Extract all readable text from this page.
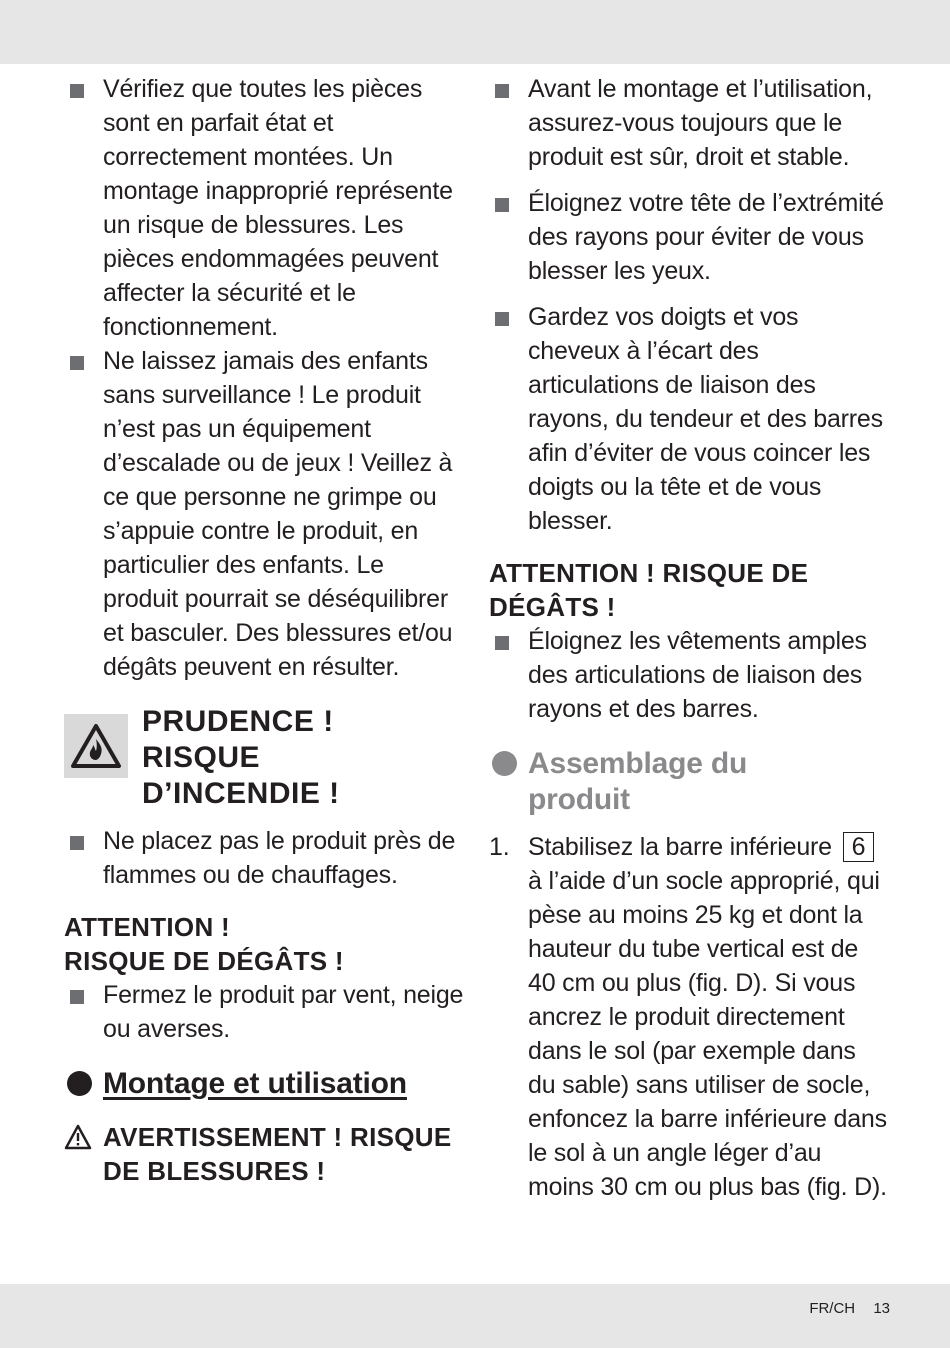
Vérifiez que toutes les pièces sont en parfait état et correctement montées. Un montage inapproprié représente un risque de blessures. Les pièces endommagées peuvent affecter la sécurité et le fonctionnement.
Ne laissez jamais des enfants sans surveillance ! Le produit n’est pas un équipement d’escalade ou de jeux ! Veillez à ce que personne ne grimpe ou s’appuie contre le produit, en particulier des enfants. Le produit pourrait se déséquilibrer et basculer. Des blessures et/ou dégâts peuvent en résulter.
PRUDENCE !
RISQUE
D’INCENDIE !
Ne placez pas le produit près de flammes ou de chauffages.
ATTENTION !
RISQUE DE DÉGÂTS !
Fermez le produit par vent, neige ou averses.
Montage et utilisation
AVERTISSEMENT ! RISQUE
DE BLESSURES !
Avant le montage et l’utilisation, assurez-vous toujours que le produit est sûr, droit et stable.
Éloignez votre tête de l’extrémité des rayons pour éviter de vous blesser les yeux.
Gardez vos doigts et vos cheveux à l’écart des articulations de liaison des rayons, du tendeur et des barres afin d’éviter de vous coincer les doigts ou la tête et de vous blesser.
ATTENTION ! RISQUE DE
DÉGÂTS !
Éloignez les vêtements amples des articulations de liaison des rayons et des barres.
Assemblage du
produit
1. Stabilisez la barre inférieure 6 à l’aide d’un socle approprié, qui pèse au moins 25 kg et dont la hauteur du tube vertical est de 40 cm ou plus (fig. D). Si vous ancrez le produit directement dans le sol (par exemple dans du sable) sans utiliser de socle, enfoncez la barre inférieure dans le sol à un angle léger d’au moins 30 cm ou plus bas (fig. D).
FR/CH 13
